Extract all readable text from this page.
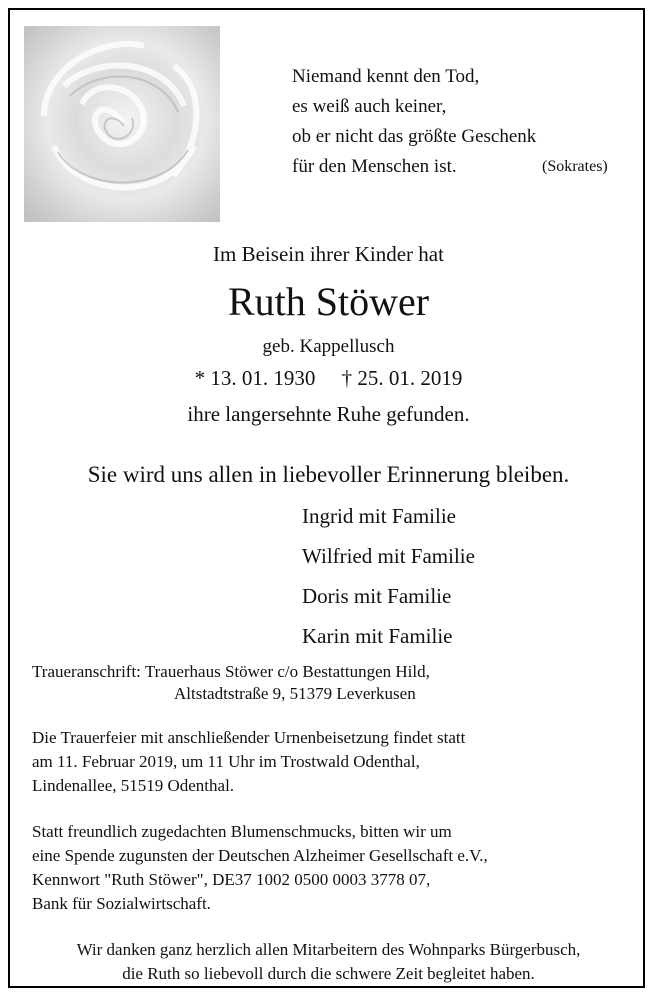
Niemand kennt den Tod,
es weiß auch keiner,
ob er nicht das größte Geschenk
für den Menschen ist.	(Sokrates)
Im Beisein ihrer Kinder hat
Ruth Stöwer
geb. Kappellusch
* 13. 01. 1930 † 25. 01. 2019
ihre langersehnte Ruhe gefunden.
Sie wird uns allen in liebevoller Erinnerung bleiben.
Ingrid mit Familie
Wilfried mit Familie
Doris mit Familie
Karin mit Familie
Traueranschrift: Trauerhaus Stöwer c/o Bestattungen Hild,
Altstadtstraße 9, 51379 Leverkusen
Die Trauerfeier mit anschließender Urnenbeisetzung findet statt
am 11. Februar 2019, um 11 Uhr im Trostwald Odenthal,
Lindenallee, 51519 Odenthal.
Statt freundlich zugedachten Blumenschmucks, bitten wir um
eine Spende zugunsten der Deutschen Alzheimer Gesellschaft e.V.,
Kennwort "Ruth Stöwer", DE37 1002 0500 0003 3778 07,
Bank für Sozialwirtschaft.
Wir danken ganz herzlich allen Mitarbeitern des Wohnparks Bürgerbusch,
die Ruth so liebevoll durch die schwere Zeit begleitet haben.
